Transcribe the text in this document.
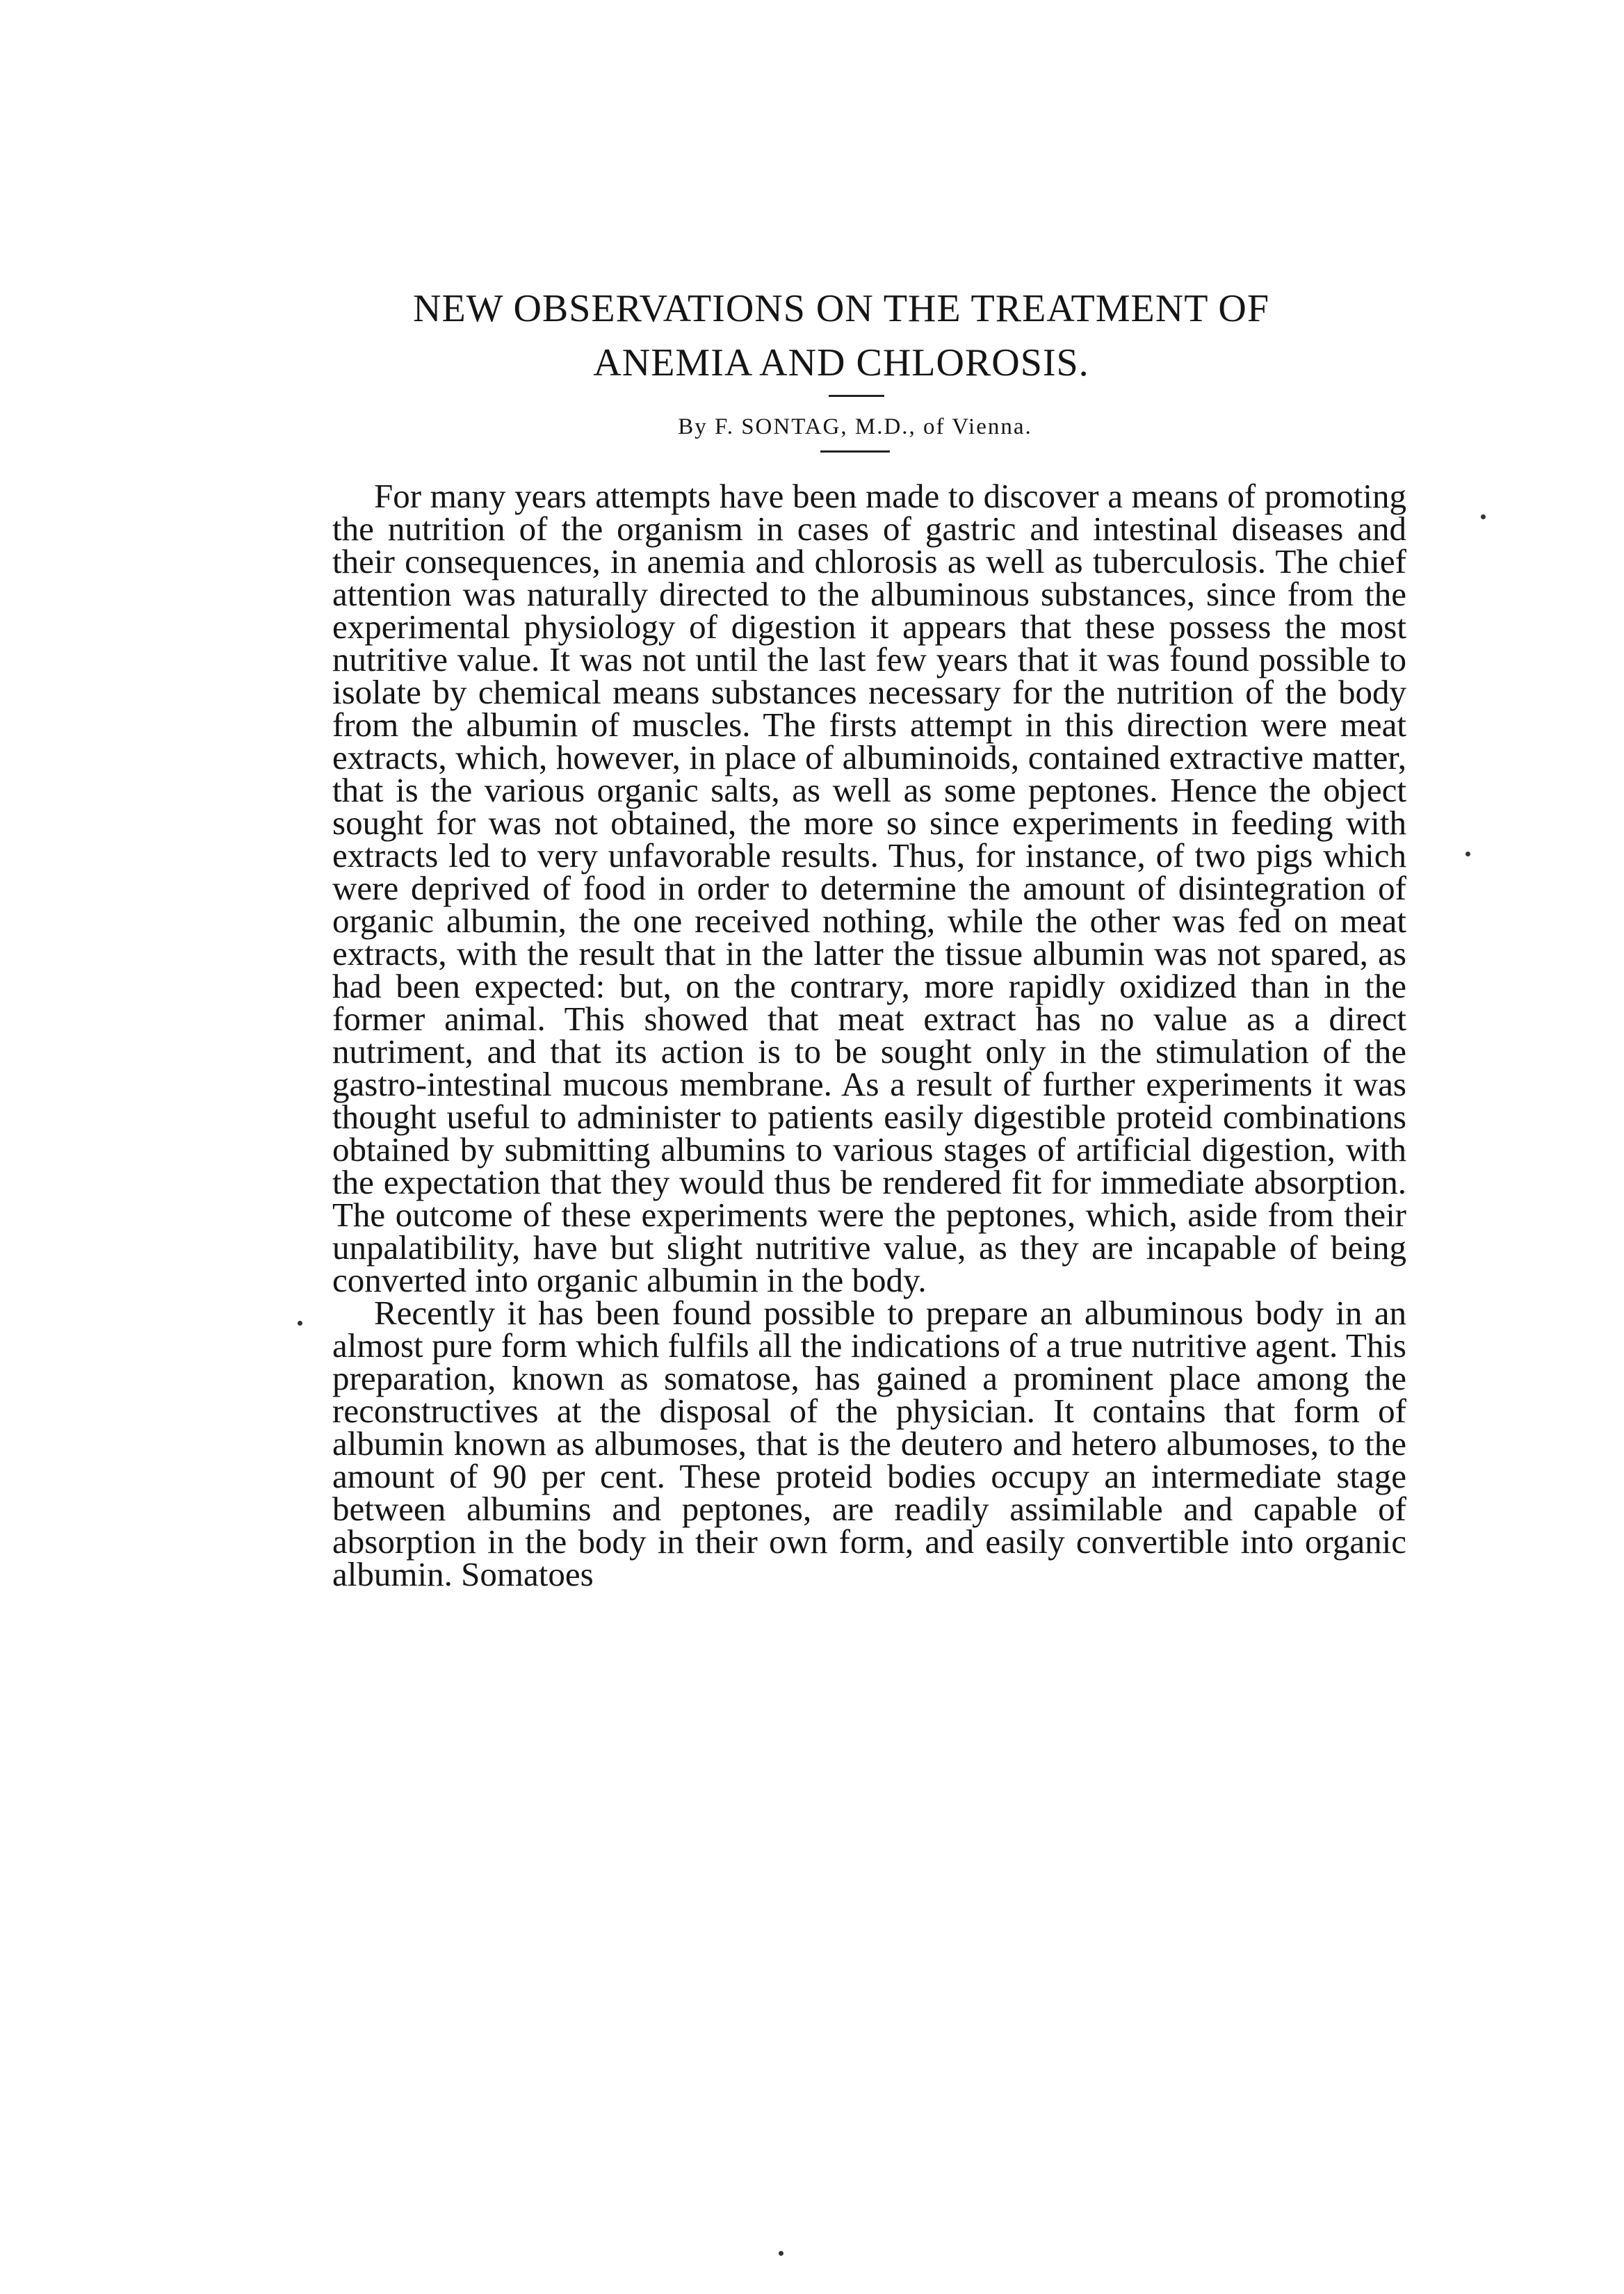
NEW OBSERVATIONS ON THE TREATMENT OF
ANEMIA AND CHLOROSIS.
By F. SONTAG, M.D., of Vienna.

For many years attempts have been made to discover a means of promoting the nutrition of the organism in cases of gastric and intestinal diseases and their consequences, in anemia and chlorosis as well as tuberculosis. The chief attention was naturally directed to the albuminous substances, since from the experimental physiology of digestion it appears that these possess the most nutritive value. It was not until the last few years that it was found possible to isolate by chemical means substances necessary for the nutrition of the body from the albumin of muscles. The firsts attempt in this direction were meat extracts, which, however, in place of albuminoids, contained extractive matter, that is the various organic salts, as well as some peptones. Hence the object sought for was not obtained, the more so since experiments in feeding with extracts led to very unfavorable results. Thus, for instance, of two pigs which were deprived of food in order to determine the amount of disintegration of organic albumin, the one received nothing, while the other was fed on meat extracts, with the result that in the latter the tissue albumin was not spared, as had been expected: but, on the contrary, more rapidly oxidized than in the former animal. This showed that meat extract has no value as a direct nutriment, and that its action is to be sought only in the stimulation of the gastro-intestinal mucous membrane. As a result of further experiments it was thought useful to administer to patients easily digestible proteid combinations obtained by submitting albumins to various stages of artificial digestion, with the expectation that they would thus be rendered fit for immediate absorption. The outcome of these experiments were the peptones, which, aside from their unpalatibility, have but slight nutritive value, as they are incapable of being converted into organic albumin in the body.

Recently it has been found possible to prepare an albuminous body in an almost pure form which fulfils all the indications of a true nutritive agent. This preparation, known as somatose, has gained a prominent place among the reconstructives at the disposal of the physician. It contains that form of albumin known as albumoses, that is the deutero and hetero albumoses, to the amount of 90 per cent. These proteid bodies occupy an intermediate stage between albumins and peptones, are readily assimilable and capable of absorption in the body in their own form, and easily convertible into organic albumin. Somatoes
